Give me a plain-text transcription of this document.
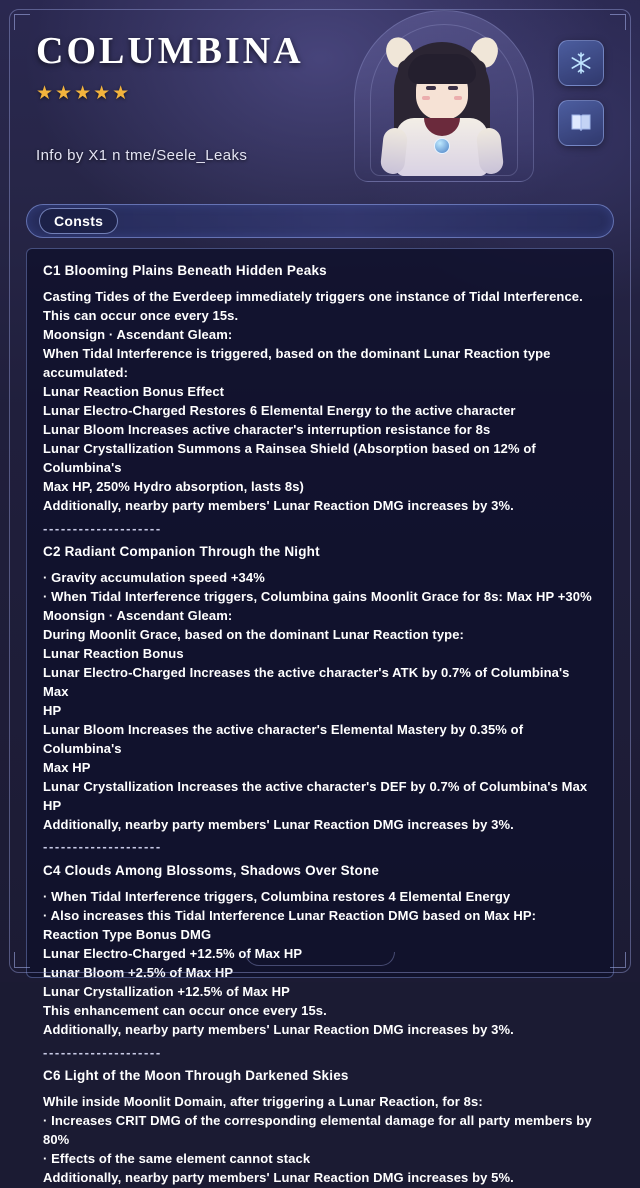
COLUMBINA
★★★★★
Info by X1 n tme/Seele_Leaks
Consts
C1 Blooming Plains Beneath Hidden Peaks
Casting Tides of the Everdeep immediately triggers one instance of Tidal Interference.
This can occur once every 15s.
Moonsign · Ascendant Gleam:
When Tidal Interference is triggered, based on the dominant Lunar Reaction type
accumulated:
Lunar Reaction Bonus Effect
Lunar Electro-Charged Restores 6 Elemental Energy to the active character
Lunar Bloom Increases active character's interruption resistance for 8s
Lunar Crystallization Summons a Rainsea Shield (Absorption based on 12% of Columbina's
Max HP, 250% Hydro absorption, lasts 8s)
Additionally, nearby party members' Lunar Reaction DMG increases by 3%.
- - - - - - - - - - - - - - - - - - - -
C2 Radiant Companion Through the Night
· Gravity accumulation speed +34%
· When Tidal Interference triggers, Columbina gains Moonlit Grace for 8s: Max HP +30%
Moonsign · Ascendant Gleam:
During Moonlit Grace, based on the dominant Lunar Reaction type:
Lunar Reaction Bonus
Lunar Electro-Charged Increases the active character's ATK by 0.7% of Columbina's Max
HP
Lunar Bloom Increases the active character's Elemental Mastery by 0.35% of Columbina's
Max HP
Lunar Crystallization Increases the active character's DEF by 0.7% of Columbina's Max
HP
Additionally, nearby party members' Lunar Reaction DMG increases by 3%.
- - - - - - - - - - - - - - - - - - - -
C4 Clouds Among Blossoms, Shadows Over Stone
· When Tidal Interference triggers, Columbina restores 4 Elemental Energy
· Also increases this Tidal Interference Lunar Reaction DMG based on Max HP:
Reaction Type Bonus DMG
Lunar Electro-Charged +12.5% of Max HP
Lunar Bloom +2.5% of Max HP
Lunar Crystallization +12.5% of Max HP
This enhancement can occur once every 15s.
Additionally, nearby party members' Lunar Reaction DMG increases by 3%.
- - - - - - - - - - - - - - - - - - - -
C6 Light of the Moon Through Darkened Skies
While inside Moonlit Domain, after triggering a Lunar Reaction, for 8s:
· Increases CRIT DMG of the corresponding elemental damage for all party members by
80%
· Effects of the same element cannot stack
Additionally, nearby party members' Lunar Reaction DMG increases by 5%.
